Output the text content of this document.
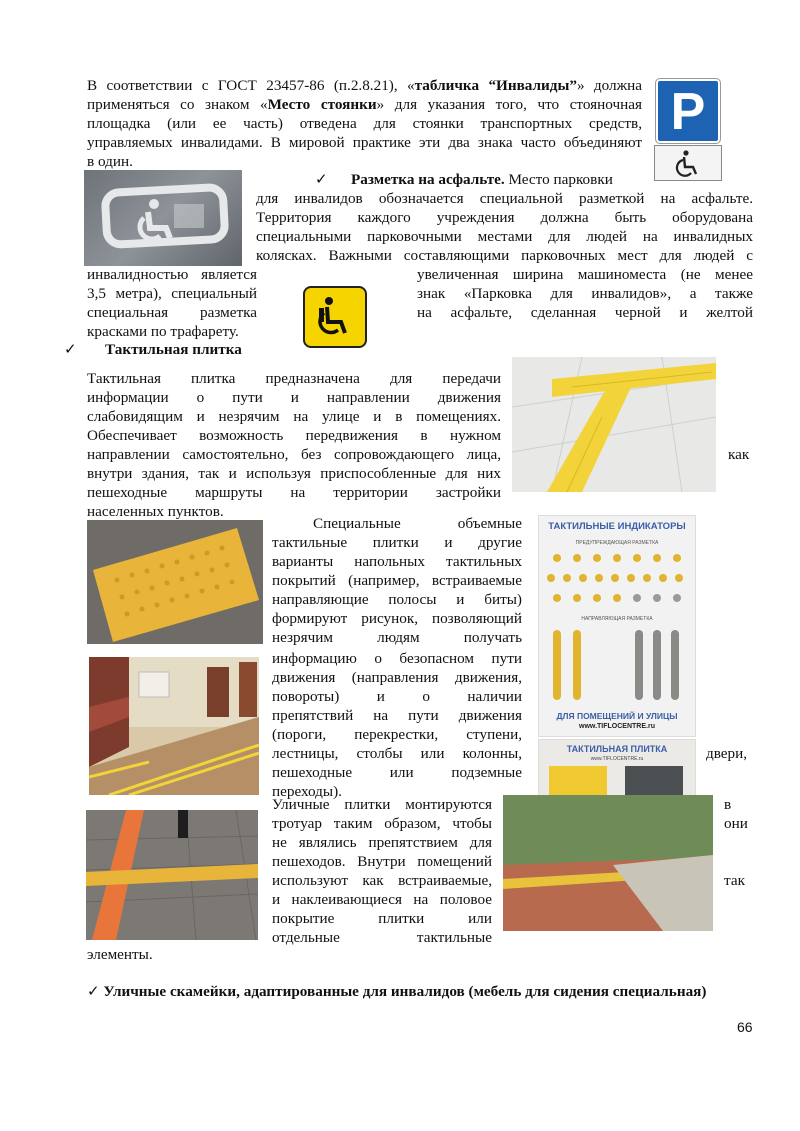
В соответствии с ГОСТ 23457-86 (п.2.8.21), «табличка “Инвалиды”» должна
применяться со знаком «Место стоянки» для указания того, что стояночная
площадка (или ее часть) отведена для стоянки транспортных средств,
управляемых инвалидами. В мировой практике эти два знака часто объединяют
в один.
P
✓ Разметка на асфальте. Место парковки
для инвалидов обозначается специальной разметкой на асфальте.
Территория каждого учреждения должна быть оборудована
специальными парковочными местами для людей на инвалидных
колясках. Важными составляющими парковочных мест для людей с
инвалидностью является
3,5 метра), специальный
специальная разметка
красками по трафарету.
увеличенная ширина машиноместа (не менее
знак «Парковка для инвалидов», а также
на асфальте, сделанная черной и желтой
✓ Тактильная плитка
Тактильная плитка предназначена для передачи
информации о пути и направлении движения
слабовидящим и незрячим на улице и в помещениях.
Обеспечивает возможность передвижения в нужном
направлении самостоятельно, без сопровождающего лица,	как
внутри здания, так и используя приспособленные для них
пешеходные маршруты на территории застройки
населенных пунктов.
Специальные объемные
тактильные плитки и другие
варианты напольных тактильных
покрытий (например, встраиваемые
направляющие полосы и биты)
формируют рисунок, позволяющий
незрячим людям получать
информацию о безопасном пути
движения (направления движения,
повороты) и о наличии
препятствий на пути движения
(пороги, перекрестки, ступени,
лестницы, столбы или колонны,	двери,
пешеходные или подземные
переходы).
ТАКТИЛЬНЫЕ ИНДИКАТОРЫ
ПРЕДУПРЕЖДАЮЩАЯ РАЗМЕТКА
НАПРАВЛЯЮЩАЯ РАЗМЕТКА
ДЛЯ ПОМЕЩЕНИЙ И УЛИЦЫ
www.TIFLOCENTRE.ru
ТАКТИЛЬНАЯ ПЛИТКА
www.TIFLOCENTRE.ru
Уличные плитки монтируются	в
тротуар таким образом, чтобы	они
не являлись препятствием для
пешеходов. Внутри помещений
используют как встраиваемые,	так
и наклеивающиеся на половое
покрытие плитки или
отдельные тактильные
элементы.
✓ Уличные скамейки, адаптированные для инвалидов (мебель для сидения специальная)
66
